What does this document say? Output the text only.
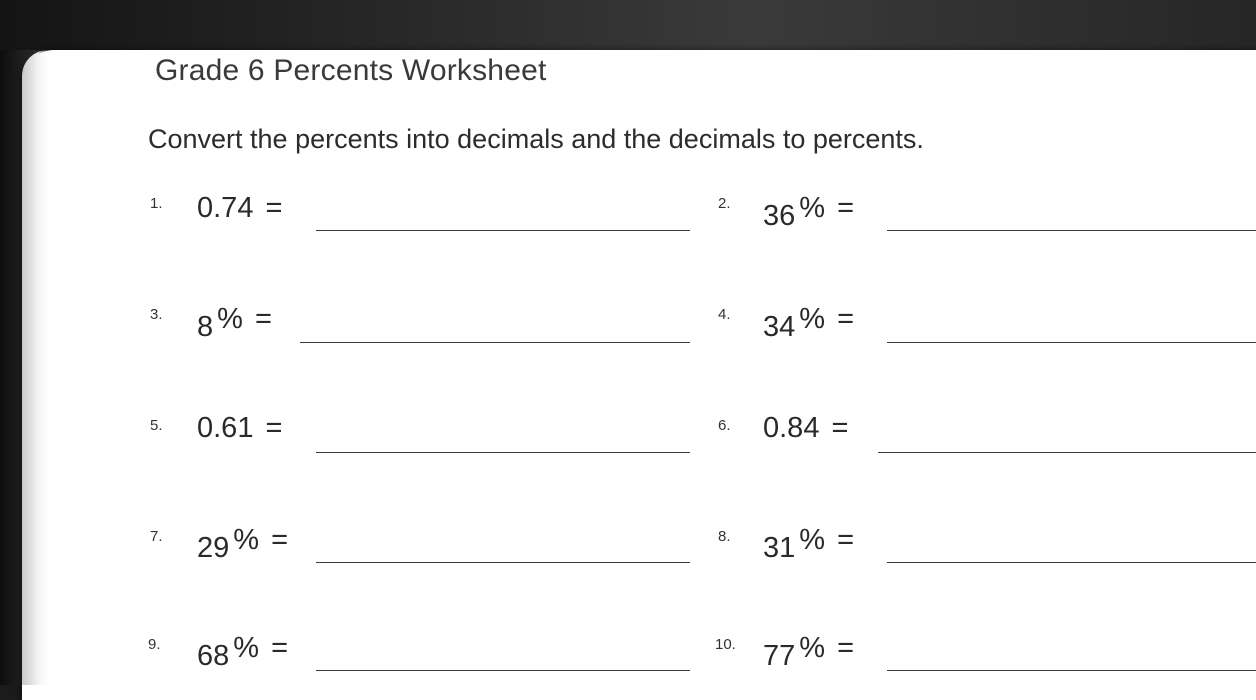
Grade 6 Percents Worksheet
Convert the percents into decimals and the decimals to percents.
1. 0.74 =	2. 36 % =
3. 8 % =	4. 34 % =
5. 0.61 =	6. 0.84 =
7. 29 % =	8. 31 % =
9. 68 % =	10. 77 % =
